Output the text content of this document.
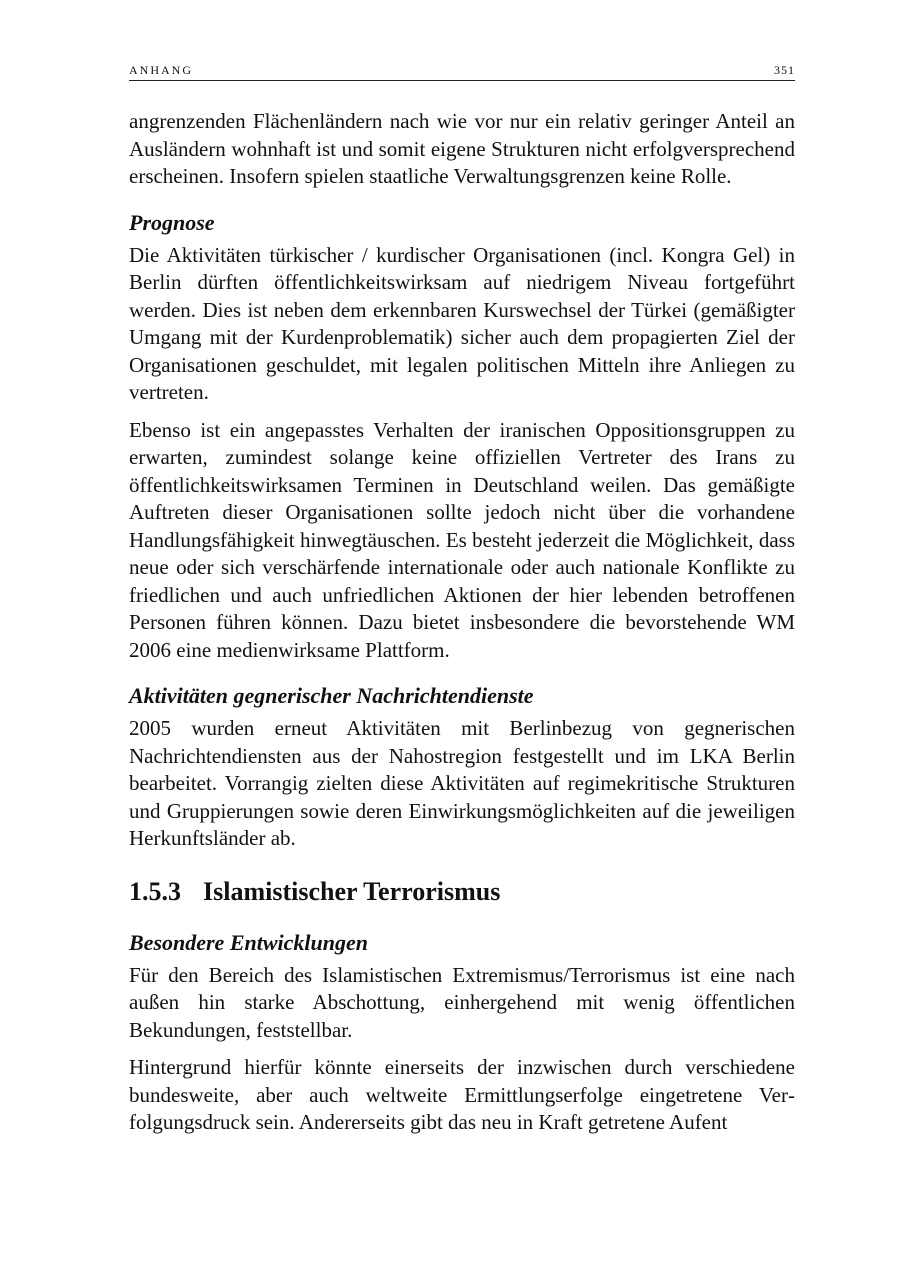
ANHANG	351

angrenzenden Flächenländern nach wie vor nur ein relativ geringer Anteil an Ausländern wohnhaft ist und somit eigene Strukturen nicht erfolgversprechend erscheinen. Insofern spielen staatliche Verwaltungsgrenzen keine Rolle.

Prognose

Die Aktivitäten türkischer / kurdischer Organisationen (incl. Kongra Gel) in Berlin dürften öffentlichkeitswirksam auf niedrigem Niveau fortgeführt werden. Dies ist neben dem erkennbaren Kurswechsel der Türkei (gemäßigter Umgang mit der Kurdenproblematik) sicher auch dem propagierten Ziel der Organisationen geschuldet, mit legalen politischen Mitteln ihre Anliegen zu vertreten.

Ebenso ist ein angepasstes Verhalten der iranischen Oppositionsgruppen zu erwarten, zumindest solange keine offiziellen Vertreter des Irans zu öffentlichkeitswirksamen Terminen in Deutschland weilen. Das gemäßigte Auftreten dieser Organisationen sollte jedoch nicht über die vorhandene Handlungsfähigkeit hinwegtäuschen. Es besteht jederzeit die Möglichkeit, dass neue oder sich verschärfende internationale oder auch nationale Konflikte zu friedlichen und auch unfriedlichen Aktionen der hier lebenden betroffenen Personen führen können. Dazu bietet insbesondere die bevorstehende WM 2006 eine medienwirksame Plattform.

Aktivitäten gegnerischer Nachrichtendienste

2005 wurden erneut Aktivitäten mit Berlinbezug von gegnerischen Nachrichtendiensten aus der Nahostregion festgestellt und im LKA Berlin bearbeitet. Vorrangig zielten diese Aktivitäten auf regimekritische Strukturen und Gruppierungen sowie deren Einwirkungsmöglichkeiten auf die jeweiligen Herkunftsländer ab.

1.5.3 Islamistischer Terrorismus
Besondere Entwicklungen

Für den Bereich des Islamistischen Extremismus/Terrorismus ist eine nach außen hin starke Abschottung, einhergehend mit wenig öffentlichen Bekundungen, feststellbar.

Hintergrund hierfür könnte einerseits der inzwischen durch verschiedene bundesweite, aber auch weltweite Ermittlungserfolge eingetretene Verfolgungsdruck sein. Andererseits gibt das neu in Kraft getretene Aufent
